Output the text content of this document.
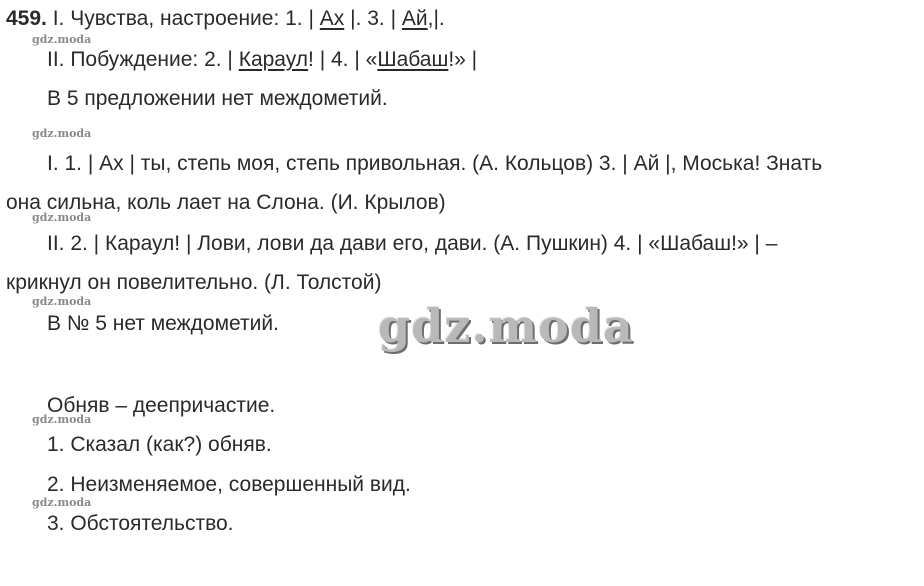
459. I. Чувства, настроение: 1. | Ах |. 3. | Ай,|.
II. Побуждение: 2. | Караул! | 4. | «Шабаш!» |
В 5 предложении нет междометий.
I. 1. | Ах | ты, степь моя, степь привольная. (А. Кольцов) 3. | Ай |, Моська! Знать
она сильна, коль лает на Слона. (И. Крылов)
II. 2. | Караул! | Лови, лови да дави его, дави. (А. Пушкин) 4. | «Шабаш!» | –
крикнул он повелительно. (Л. Толстой)
В № 5 нет междометий.
Обняв – деепричастие.
1. Сказал (как?) обняв.
2. Неизменяемое, совершенный вид.
3. Обстоятельство.
gdz.moda
gdz.moda
gdz.moda
gdz.moda
gdz.moda
gdz.moda
gdz.moda
